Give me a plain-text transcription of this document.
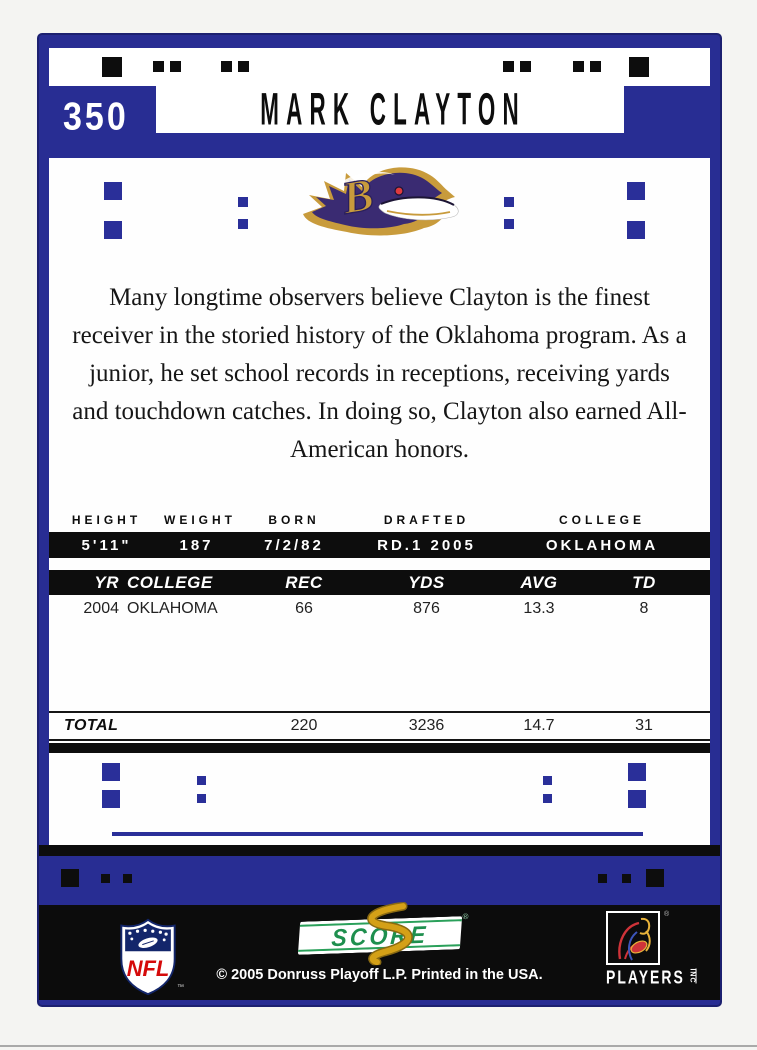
MARK CLAYTON
350
B
Many longtime observers believe Clayton is the finest receiver in the storied history of the Oklahoma program. As a junior, he set school records in receptions, receiving yards and touchdown catches. In doing so, Clayton also earned All-American honors.
HEIGHT	WEIGHT	BORN	DRAFTED	COLLEGE
5'11"	187	7/2/82	RD.1 2005	OKLAHOMA
YR COLLEGE	REC	YDS	AVG	TD
2004 OKLAHOMA	66	876	13.3	8
TOTAL	220	3236	14.7	31
NFL
™
SCORE
®
© 2005 Donruss Playoff L.P. Printed in the USA.
®
PLAYERS INC
